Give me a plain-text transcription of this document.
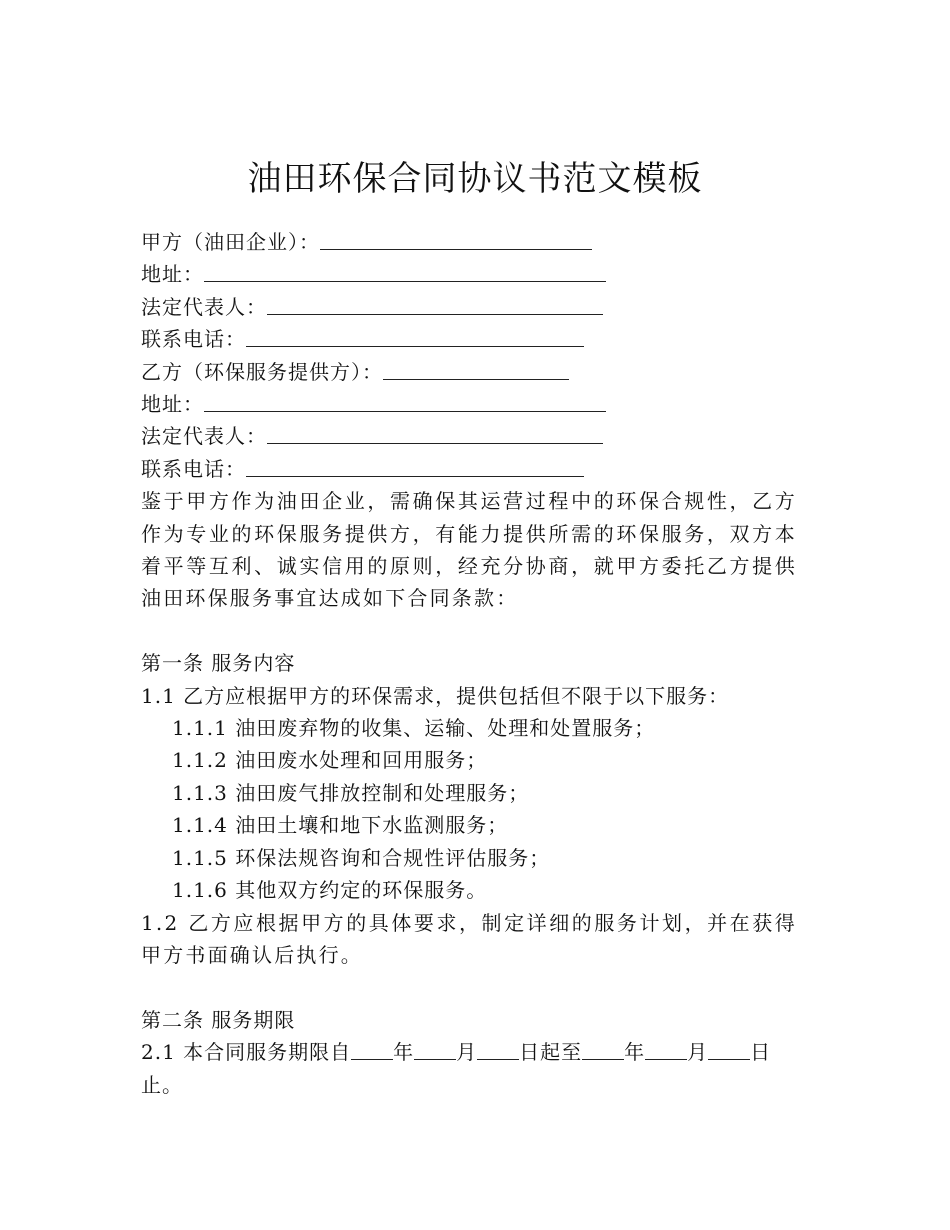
油田环保合同协议书范文模板

甲方（油田企业）：

地址：

法定代表人：

联系电话：

乙方（环保服务提供方）：

地址：

法定代表人：

联系电话：

鉴于甲方作为油田企业，需确保其运营过程中的环保合规性，乙方作为专业的环保服务提供方，有能力提供所需的环保服务，双方本着平等互利、诚实信用的原则，经充分协商，就甲方委托乙方提供油田环保服务事宜达成如下合同条款：

第一条 服务内容

1.1 乙方应根据甲方的环保需求，提供包括但不限于以下服务：

1.1.1 油田废弃物的收集、运输、处理和处置服务；

1.1.2 油田废水处理和回用服务；

1.1.3 油田废气排放控制和处理服务；

1.1.4 油田土壤和地下水监测服务；

1.1.5 环保法规咨询和合规性评估服务；

1.1.6 其他双方约定的环保服务。

1.2 乙方应根据甲方的具体要求，制定详细的服务计划，并在获得甲方书面确认后执行。

第二条 服务期限

2.1 本合同服务期限自 年 月 日起至 年 月 日

止。
